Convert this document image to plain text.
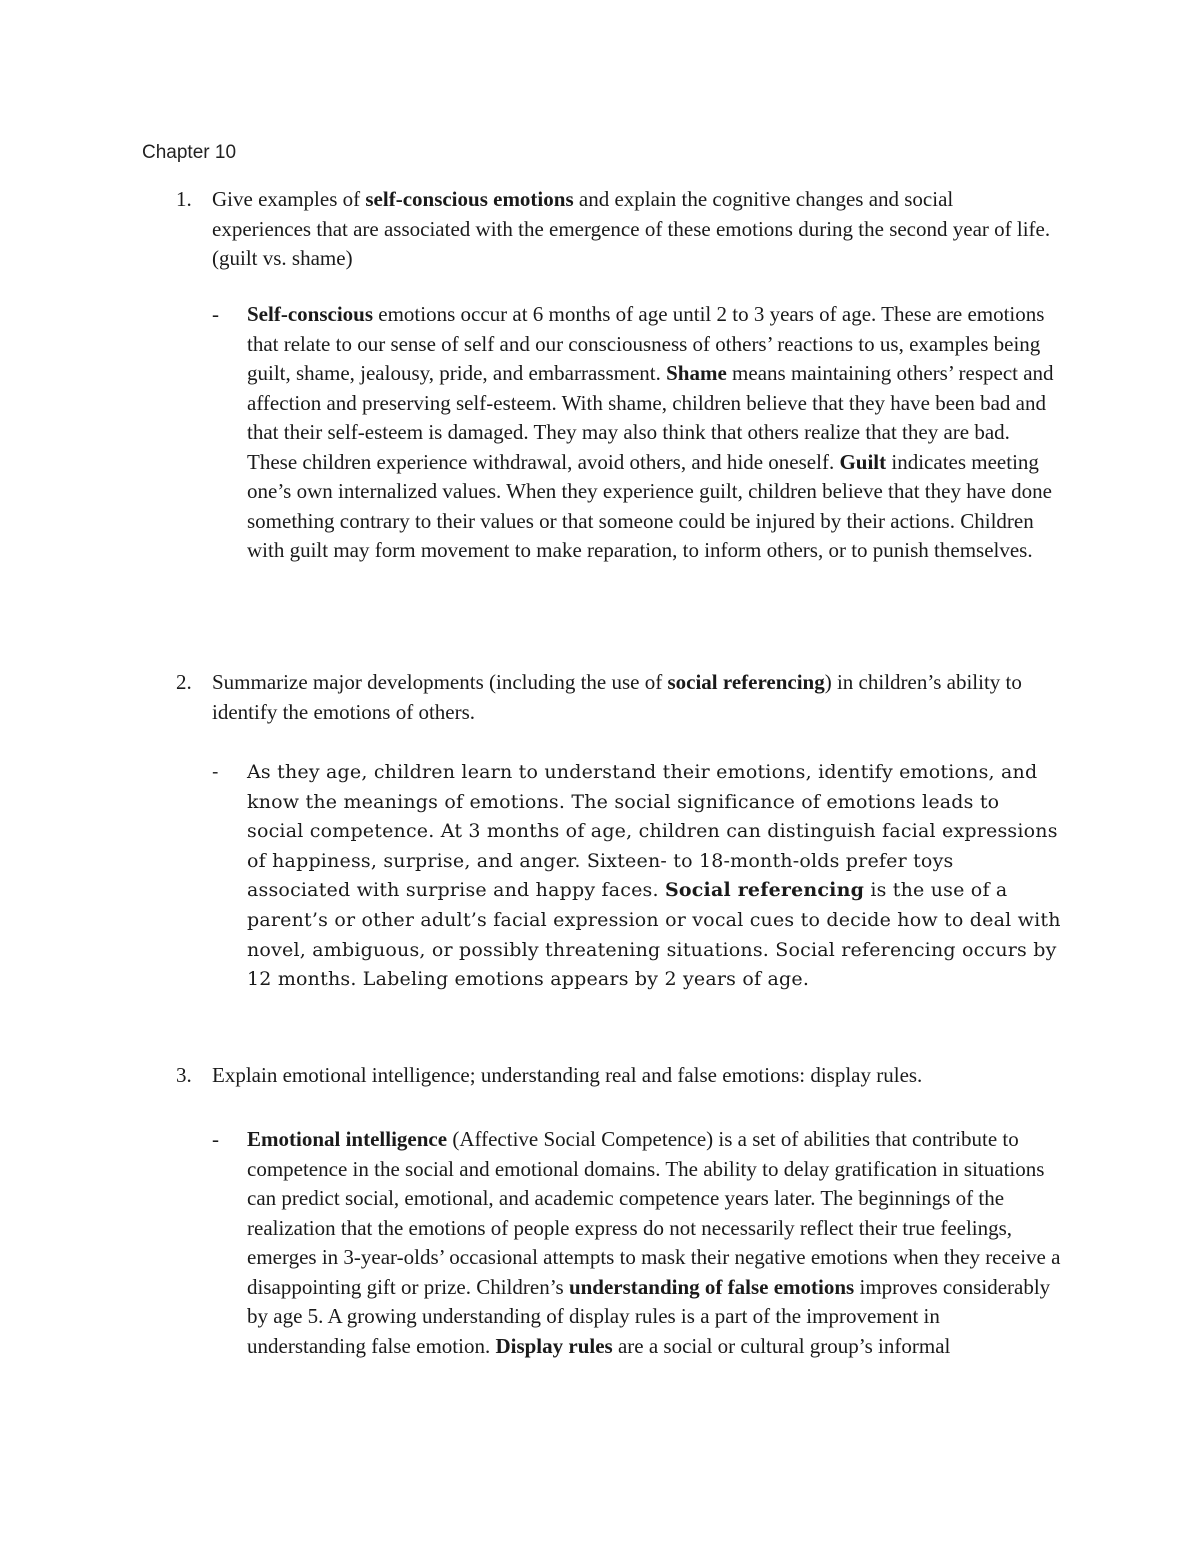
Chapter 10
1. Give examples of self-conscious emotions and explain the cognitive changes and social experiences that are associated with the emergence of these emotions during the second year of life. (guilt vs. shame)
- Self-conscious emotions occur at 6 months of age until 2 to 3 years of age. These are emotions that relate to our sense of self and our consciousness of others’ reactions to us, examples being guilt, shame, jealousy, pride, and embarrassment. Shame means maintaining others’ respect and affection and preserving self-esteem. With shame, children believe that they have been bad and that their self-esteem is damaged. They may also think that others realize that they are bad. These children experience withdrawal, avoid others, and hide oneself. Guilt indicates meeting one’s own internalized values. When they experience guilt, children believe that they have done something contrary to their values or that someone could be injured by their actions. Children with guilt may form movement to make reparation, to inform others, or to punish themselves.
2. Summarize major developments (including the use of social referencing) in children’s ability to identify the emotions of others.
- As they age, children learn to understand their emotions, identify emotions, and know the meanings of emotions. The social significance of emotions leads to social competence. At 3 months of age, children can distinguish facial expressions of happiness, surprise, and anger. Sixteen- to 18-month-olds prefer toys associated with surprise and happy faces. Social referencing is the use of a parent’s or other adult’s facial expression or vocal cues to decide how to deal with novel, ambiguous, or possibly threatening situations. Social referencing occurs by 12 months. Labeling emotions appears by 2 years of age.
3. Explain emotional intelligence; understanding real and false emotions: display rules.
- Emotional intelligence (Affective Social Competence) is a set of abilities that contribute to competence in the social and emotional domains. The ability to delay gratification in situations can predict social, emotional, and academic competence years later. The beginnings of the realization that the emotions of people express do not necessarily reflect their true feelings, emerges in 3-year-olds’ occasional attempts to mask their negative emotions when they receive a disappointing gift or prize. Children’s understanding of false emotions improves considerably by age 5. A growing understanding of display rules is a part of the improvement in understanding false emotion. Display rules are a social or cultural group’s informal
